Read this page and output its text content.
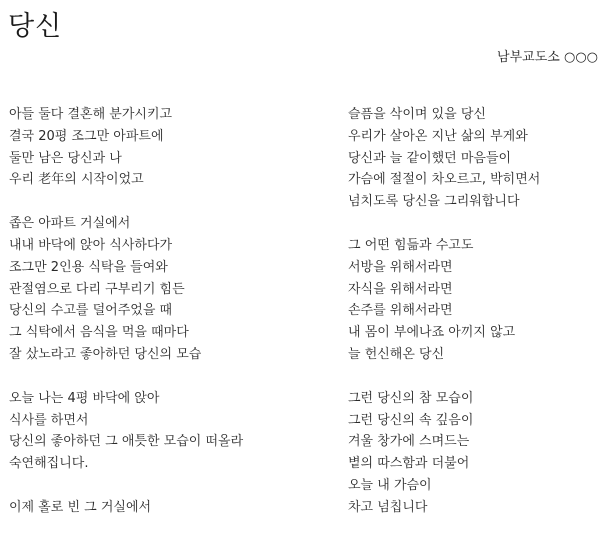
당신
남부교도소 ○○○
아들 둘다 결혼해 분가시키고
결국 20평 조그만 아파트에
둘만 남은 당신과 나
우리 老年의 시작이었고
좁은 아파트 거실에서
내내 바닥에 앉아 식사하다가
조그만 2인용 식탁을 들여와
관절염으로 다리 구부리기 힘든
당신의 수고를 덜어주었을 때
그 식탁에서 음식을 먹을 때마다
잘 샀노라고 좋아하던 당신의 모습
오늘 나는 4평 바닥에 앉아
식사를 하면서
당신의 좋아하던 그 애틋한 모습이 떠올라
숙연해집니다.
이제 홀로 빈 그 거실에서
슬픔을 삭이며 있을 당신
우리가 살아온 지난 삶의 부게와
당신과 늘 같이했던 마음들이
가슴에 절절이 차오르고, 박히면서
넘치도록 당신을 그리워합니다
그 어떤 힘듦과 수고도
서방을 위해서라면
자식을 위해서라면
손주를 위해서라면
내 몸이 부에나죠 아끼지 않고
늘 헌신해온 당신
그런 당신의 참 모습이
그런 당신의 속 깊음이
겨울 창가에 스며드는
볕의 따스함과 더불어
오늘 내 가슴이
차고 넘칩니다
